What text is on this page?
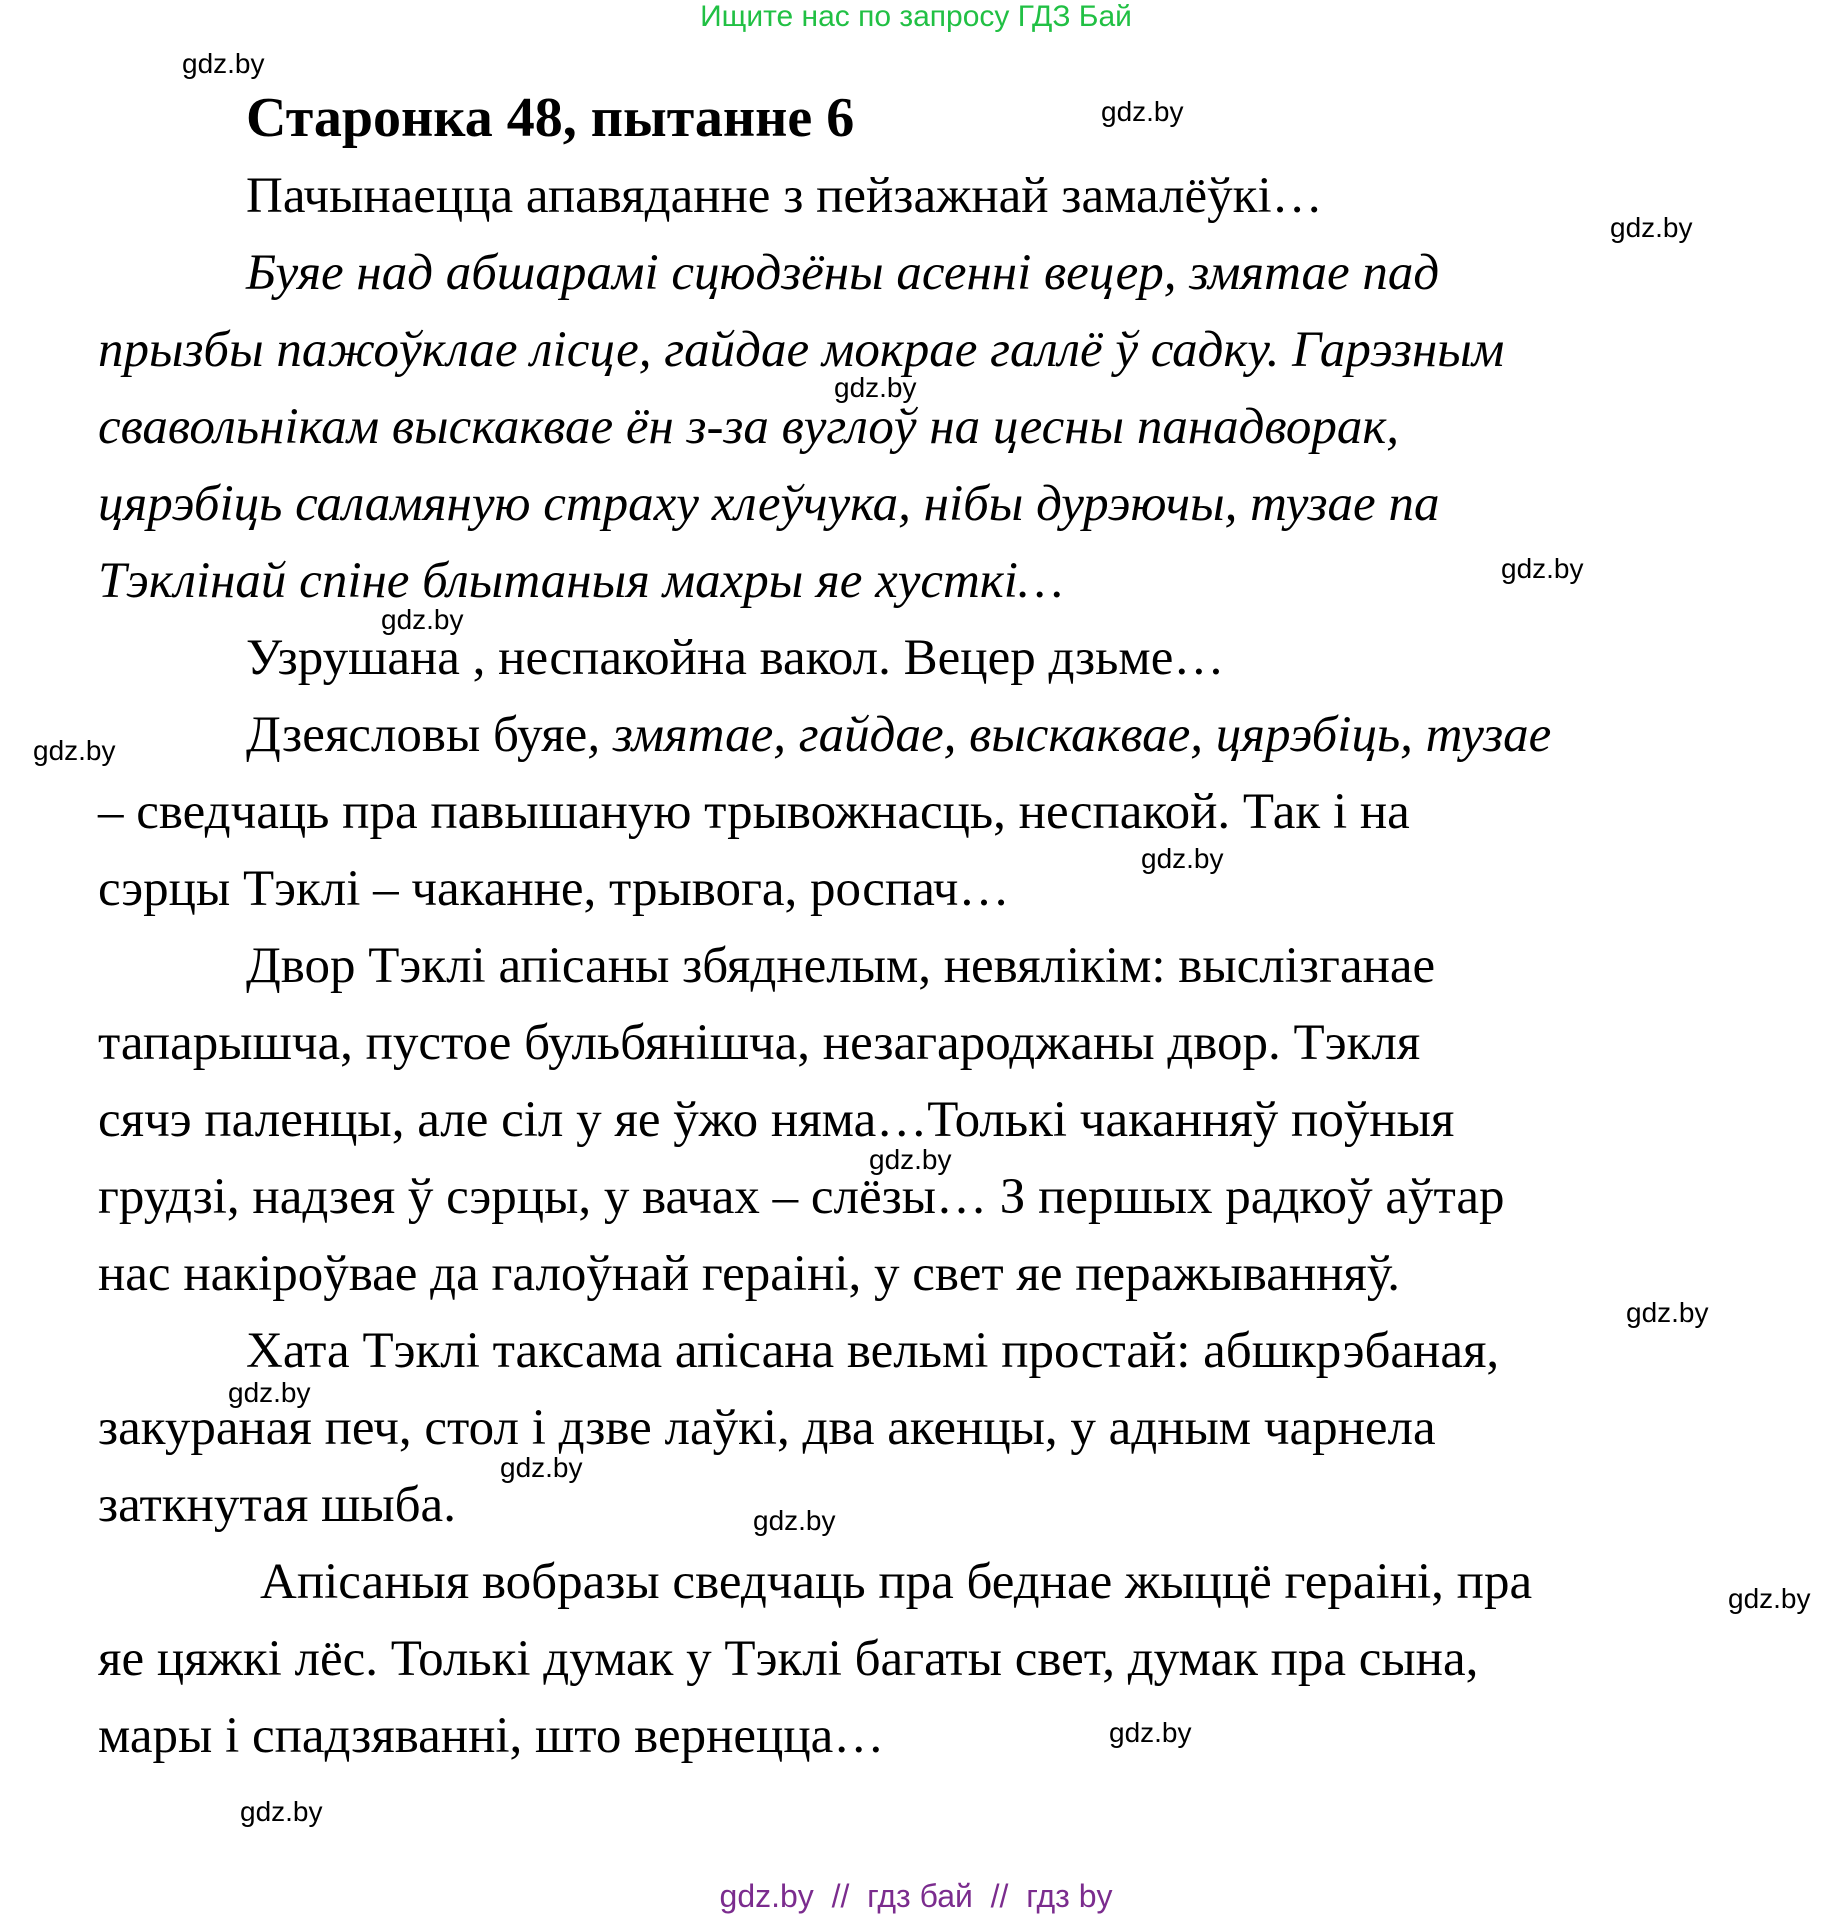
Ищите нас по запросу ГДЗ Бай
Старонка 48, пытанне 6
Пачынаецца апавяданне з пейзажнай замалёўкі…
Буяе над абшарамі сцюдзёны асенні вецер, змятае пад
прызбы пажоўклае лісце, гайдае мокрае галлё ў садку. Гарэзным
свавольнікам выскаквае ён з-за вуглоў на цесны панадворак,
цярэбіць саламяную страху хлеўчука, нібы дурэючы, тузае па
Тэклінай спіне блытаныя махры яе хусткі…
Узрушана , неспакойна вакол. Вецер дзьме…
Дзеясловы буяе, змятае, гайдае, выскаквае, цярэбіць, тузае
– сведчаць пра павышаную трывожнасць, неспакой. Так і на
сэрцы Тэклі – чаканне, трывога, роспач…
Двор Тэклі апісаны збяднелым, невялікім: выслізганае
тапарышча, пустое бульбянішча, незагароджаны двор. Тэкля
сячэ паленцы, але сіл у яе ўжо няма…Толькі чаканняў поўныя
грудзі, надзея ў сэрцы, у вачах – слёзы… З першых радкоў аўтар
нас накіроўвае да галоўнай гераіні, у свет яе перажыванняў.
Хата Тэклі таксама апісана вельмі простай: абшкрэбаная,
закураная печ, стол і дзве лаўкі, два акенцы, у адным чарнела
заткнутая шыба.
Апісаныя вобразы сведчаць пра беднае жыццё гераіні, пра
яе цяжкі лёс. Толькі думак у Тэклі багаты свет, думак пра сына,
мары і спадзяванні, што вернецца…
gdz.by
gdz.by
gdz.by
gdz.by
gdz.by
gdz.by
gdz.by
gdz.by
gdz.by
gdz.by
gdz.by
gdz.by
gdz.by
gdz.by
gdz.by
gdz.by
gdz.by  //  гдз бай  //  гдз by
